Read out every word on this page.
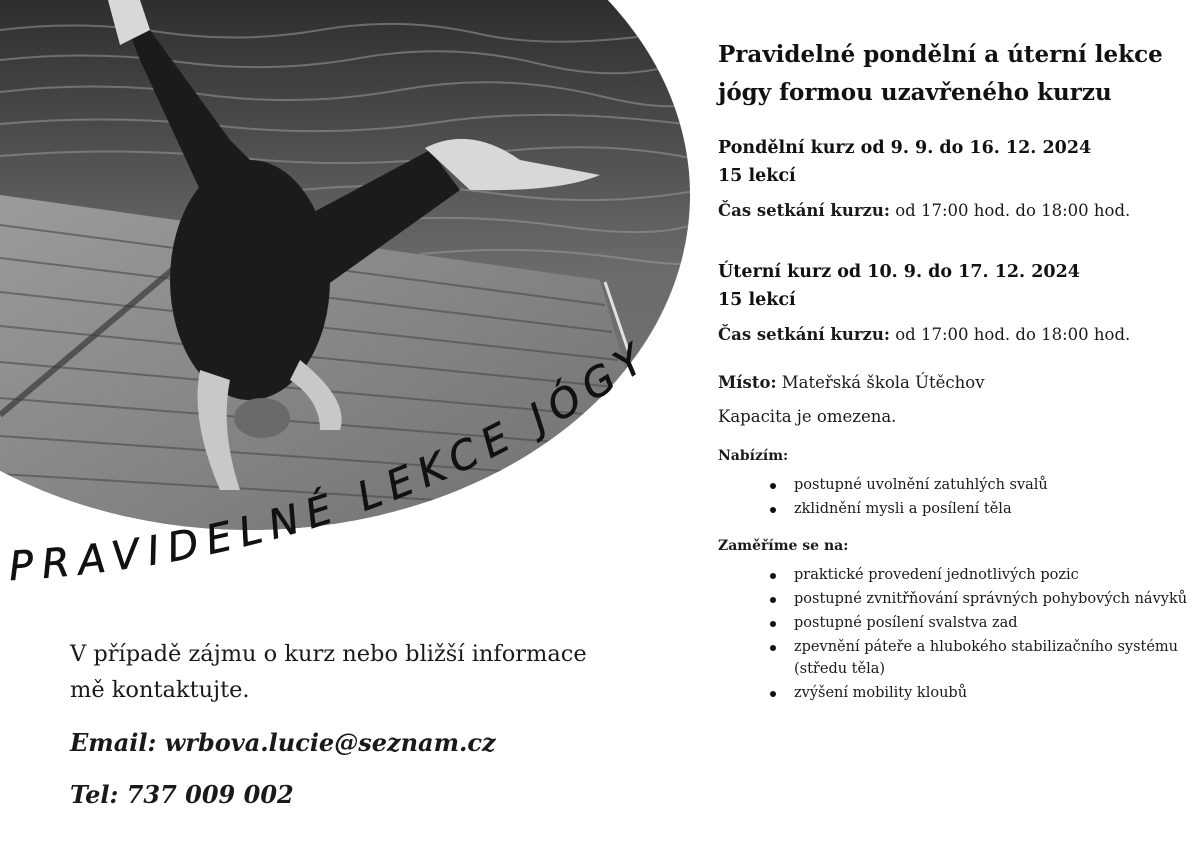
PRAVIDELNÉ LEKCE JÓGY
Pravidelné pondělní a úterní lekce jógy formou uzavřeného kurzu
Pondělní kurz od 9. 9. do 16. 12. 2024
15 lekcí
Čas setkání kurzu: od 17:00 hod. do 18:00 hod.
Úterní kurz od 10. 9. do 17. 12. 2024
15 lekcí
Čas setkání kurzu: od 17:00 hod. do 18:00 hod.
Místo: Mateřská škola Útěchov
Kapacita je omezena.
Nabízím:
postupné uvolnění zatuhlých svalů
zklidnění mysli a posílení těla
Zaměříme se na:
praktické provedení jednotlivých pozic
postupné zvnitřňování správných pohybových návyků
postupné posílení svalstva zad
zpevnění páteře a hlubokého stabilizačního systému (středu těla)
zvýšení mobility kloubů
V případě zájmu o kurz nebo bližší informace mě kontaktujte.
Email: wrbova.lucie@seznam.cz
Tel: 737 009 002
